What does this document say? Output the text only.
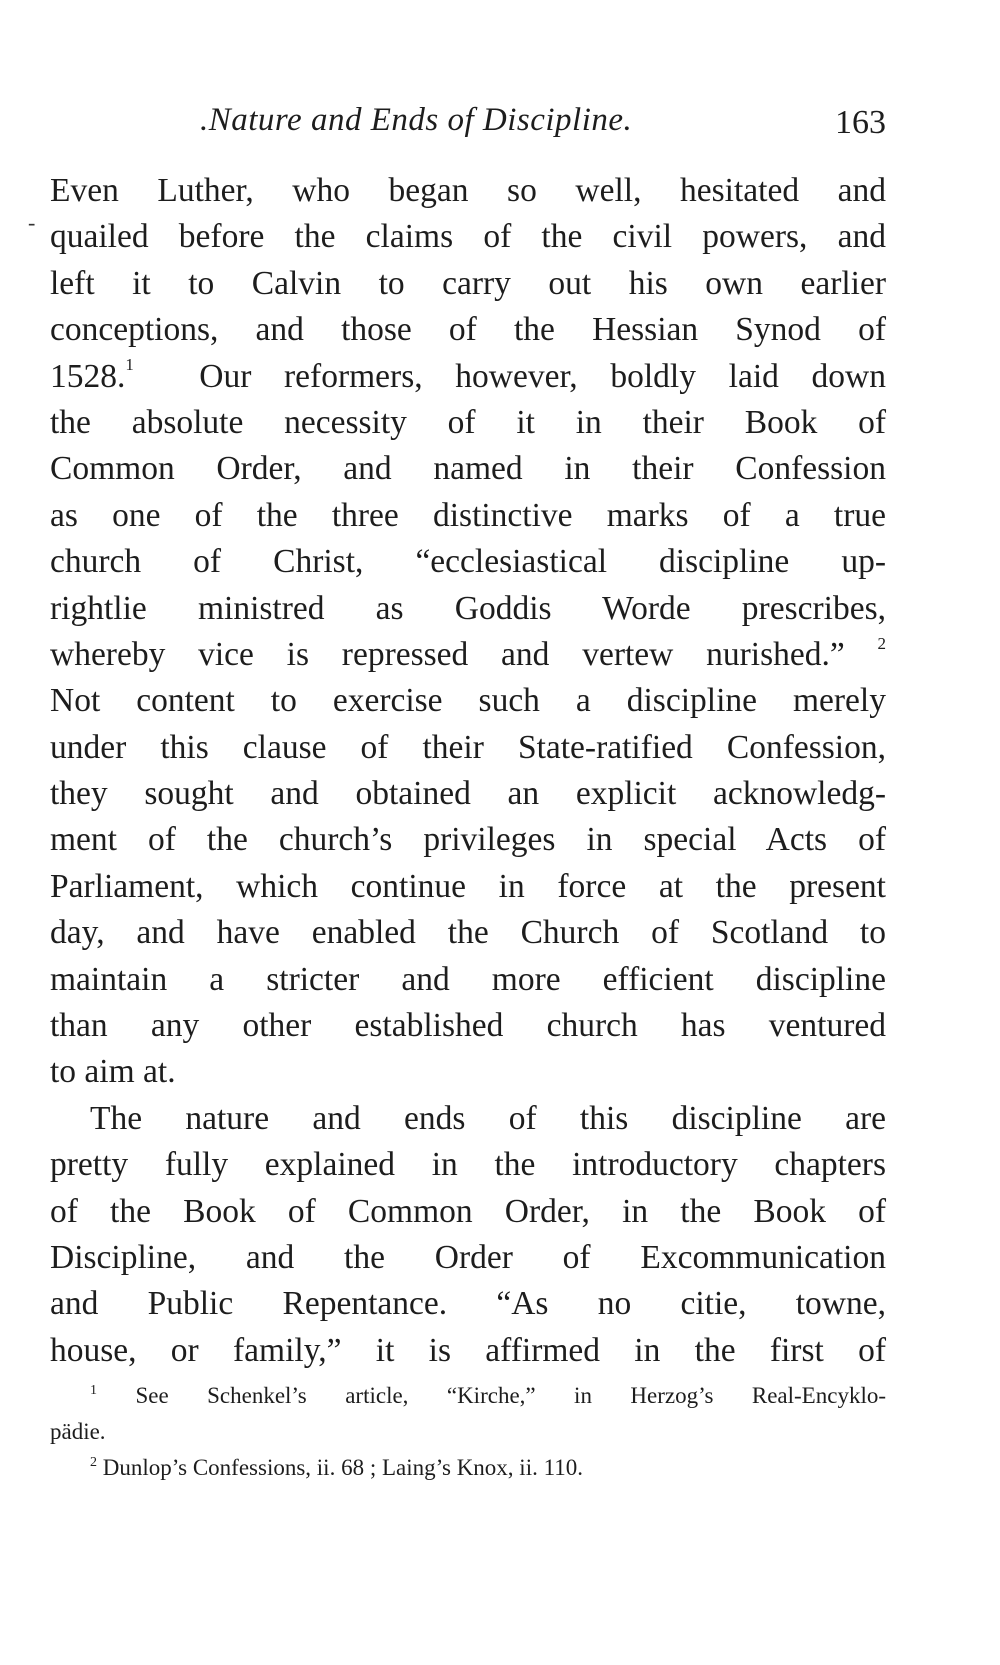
.Nature and Ends of Discipline.	163
-
Even Luther, who began so well, hesitated and
quailed before the claims of the civil powers, and
left it to Calvin to carry out his own earlier
conceptions, and those of the Hessian Synod of
1528.$^1$ Our reformers, however, boldly laid down
the absolute necessity of it in their Book of
Common Order, and named in their Confession
as one of the three distinctive marks of a true
church of Christ, “ecclesiastical discipline up-
rightlie ministred as Goddis Worde prescribes,
whereby vice is repressed and vertew nurished.” $^2$
Not content to exercise such a discipline merely
under this clause of their State-ratified Confession,
they sought and obtained an explicit acknowledg-
ment of the church’s privileges in special Acts of
Parliament, which continue in force at the present
day, and have enabled the Church of Scotland to
maintain a stricter and more efficient discipline
than any other established church has ventured
to aim at.
The nature and ends of this discipline are
pretty fully explained in the introductory chapters
of the Book of Common Order, in the Book of
Discipline, and the Order of Excommunication
and Public Repentance. “As no citie, towne,
house, or family,” it is affirmed in the first of
$^1$ See Schenkel’s article, “Kirche,” in Herzog’s Real-Encyklo-
pädie.
$^2$ Dunlop’s Confessions, ii. 68 ; Laing’s Knox, ii. 110.
